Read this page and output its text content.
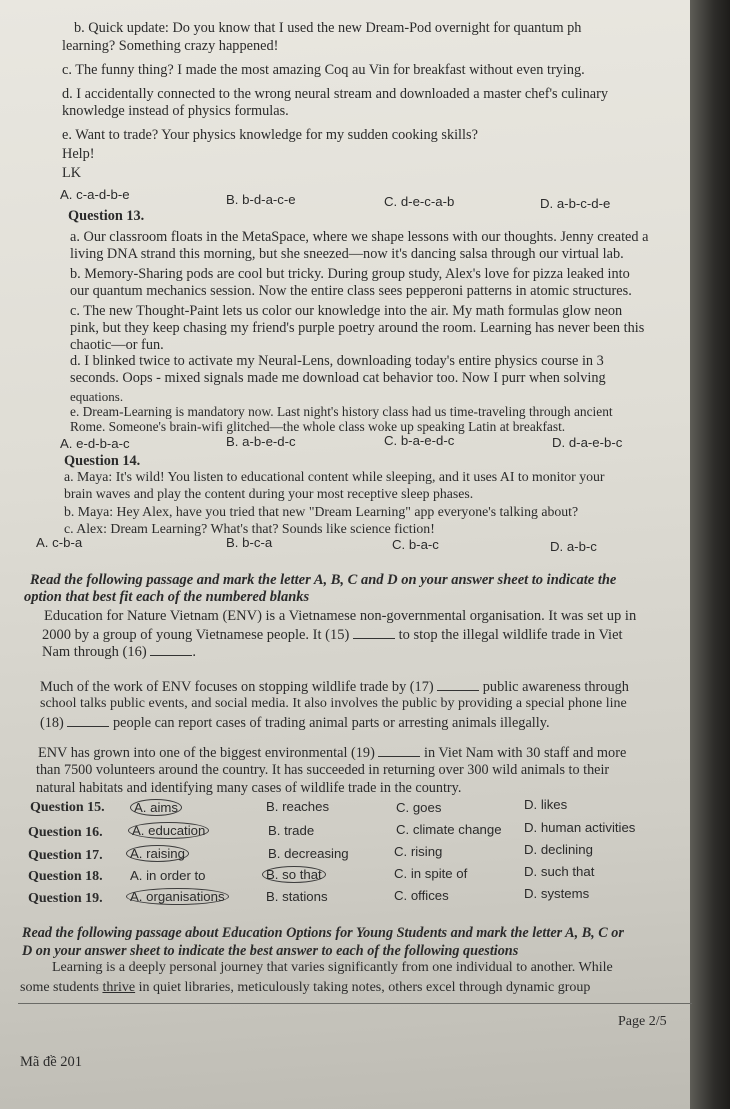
b. Quick update: Do you know that I used the new Dream-Pod overnight for quantum ph
learning? Something crazy happened!
c. The funny thing? I made the most amazing Coq au Vin for breakfast without even trying.
d. I accidentally connected to the wrong neural stream and downloaded a master chef's culinary
knowledge instead of physics formulas.
e. Want to trade? Your physics knowledge for my sudden cooking skills?
Help!
LK
A. c-a-d-b-e	B. b-d-a-c-e	C. d-e-c-a-b	D. a-b-c-d-e
Question 13.
a. Our classroom floats in the MetaSpace, where we shape lessons with our thoughts. Jenny created a
living DNA strand this morning, but she sneezed—now it's dancing salsa through our virtual lab.
b. Memory-Sharing pods are cool but tricky. During group study, Alex's love for pizza leaked into
our quantum mechanics session. Now the entire class sees pepperoni patterns in atomic structures.
c. The new Thought-Paint lets us color our knowledge into the air. My math formulas glow neon
pink, but they keep chasing my friend's purple poetry around the room. Learning has never been this
chaotic—or fun.
d. I blinked twice to activate my Neural-Lens, downloading today's entire physics course in 3
seconds. Oops - mixed signals made me download cat behavior too. Now I purr when solving
equations.
e. Dream-Learning is mandatory now. Last night's history class had us time-traveling through ancient
Rome. Someone's brain-wifi glitched—the whole class woke up speaking Latin at breakfast.
A. e-d-b-a-c	B. a-b-e-d-c	C. b-a-e-d-c	D. d-a-e-b-c
Question 14.
a. Maya: It's wild! You listen to educational content while sleeping, and it uses AI to monitor your
brain waves and play the content during your most receptive sleep phases.
b. Maya: Hey Alex, have you tried that new "Dream Learning" app everyone's talking about?
c. Alex: Dream Learning? What's that? Sounds like science fiction!
A. c-b-a	B. b-c-a	C. b-a-c	D. a-b-c
Read the following passage and mark the letter A, B, C and D on your answer sheet to indicate the
option that best fit each of the numbered blanks
Education for Nature Vietnam (ENV) is a Vietnamese non-governmental organisation. It was set up in
2000 by a group of young Vietnamese people. It (15)	to stop the illegal wildlife trade in Viet
Nam through (16)	.
Much of the work of ENV focuses on stopping wildlife trade by (17)	public awareness through
school talks public events, and social media. It also involves the public by providing a special phone line
(18)	people can report cases of trading animal parts or arresting animals illegally.
ENV has grown into one of the biggest environmental (19)	in Viet Nam with 30 staff and more
than 7500 volunteers around the country. It has succeeded in returning over 300 wild animals to their
natural habitats and identifying many cases of wildlife trade in the country.
Question 15.	A. aims	B. reaches	C. goes	D. likes
Question 16.	A. education	B. trade	C. climate change D. human activities
Question 17.	A. raising	B. decreasing	C. rising	D. declining
Question 18. A. in order to	B. so that	C. in spite of	D. such that
Question 19.	A. organisations	B. stations	C. offices	D. systems
Read the following passage about Education Options for Young Students and mark the letter A, B, C or
D on your answer sheet to indicate the best answer to each of the following questions
Learning is a deeply personal journey that varies significantly from one individual to another. While
some students thrive in quiet libraries, meticulously taking notes, others excel through dynamic group
Page 2/5
Mã đề 201
